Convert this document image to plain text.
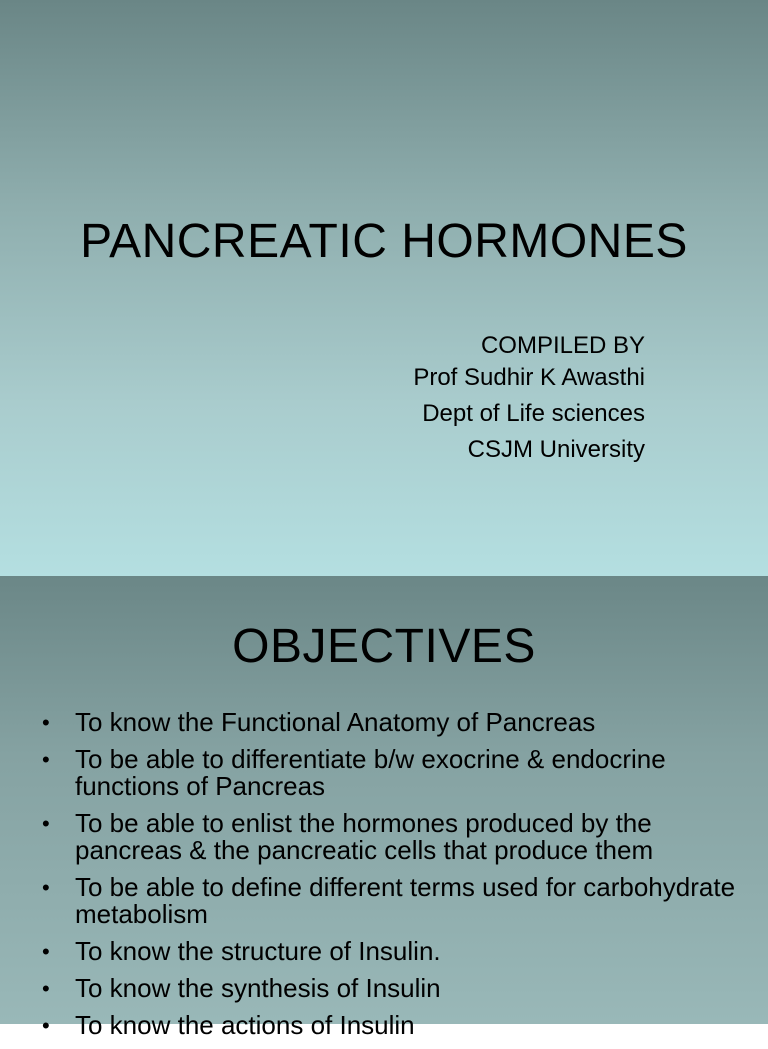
PANCREATIC HORMONES
COMPILED BY
Prof Sudhir K Awasthi
Dept of Life sciences
CSJM University
OBJECTIVES
• To know the Functional Anatomy of Pancreas
• To be able to differentiate b/w exocrine & endocrine functions of Pancreas
• To be able to enlist the hormones produced by the pancreas & the pancreatic cells that produce them
• To be able to define different terms used for carbohydrate metabolism
• To know the structure of Insulin.
• To know the synthesis of Insulin
• To know the actions of Insulin
